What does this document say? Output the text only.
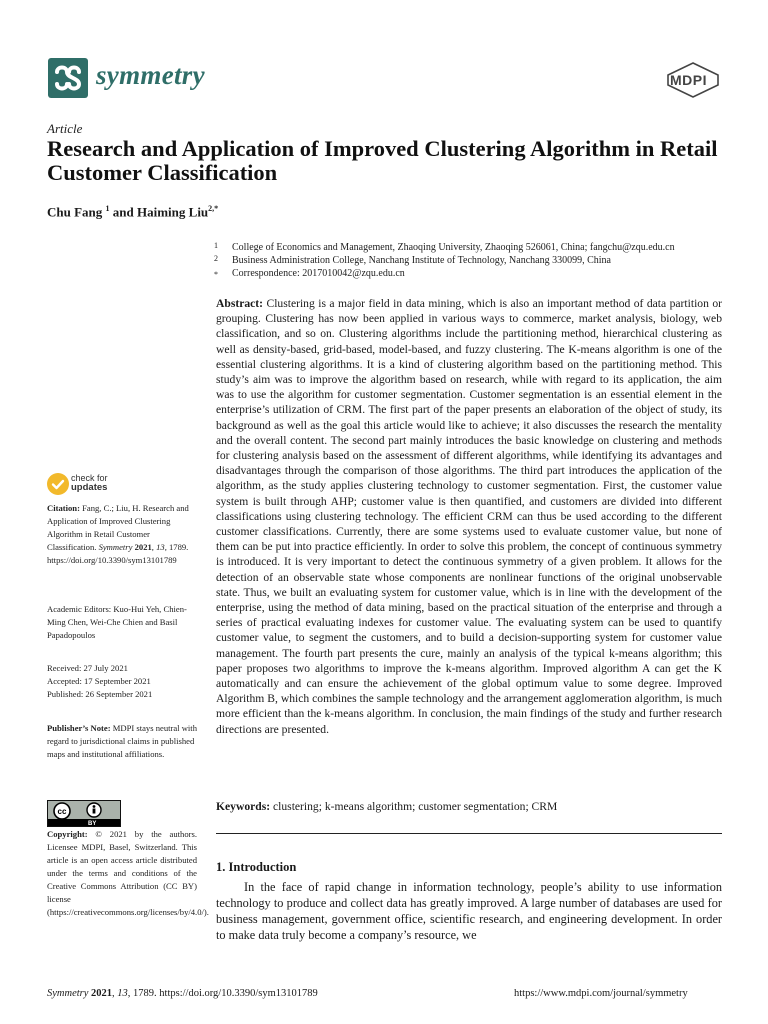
symmetry	MDPI
Article
Research and Application of Improved Clustering Algorithm in Retail Customer Classification
Chu Fang $^1$ and Haiming Liu$^{2,*}$
1 College of Economics and Management, Zhaoqing University, Zhaoqing 526061, China; fangchu@zqu.edu.cn
2 Business Administration College, Nanchang Institute of Technology, Nanchang 330099, China
* Correspondence: 2017010042@zqu.edu.cn
Abstract: Clustering is a major field in data mining, which is also an important method of data partition or grouping. Clustering has now been applied in various ways to commerce, market analysis, biology, web classification, and so on. Clustering algorithms include the partitioning method, hierarchical clustering as well as density-based, grid-based, model-based, and fuzzy clustering. The K-means algorithm is one of the essential clustering algorithms. It is a kind of clustering algorithm based on the partitioning method. This study’s aim was to improve the algorithm based on research, while with regard to its application, the aim was to use the algorithm for customer segmentation. Customer segmentation is an essential element in the enterprise’s utilization of CRM. The first part of the paper presents an elaboration of the object of study, its background as well as the goal this article would like to achieve; it also discusses the research the mentality and the overall content. The second part mainly introduces the basic knowledge on clustering and methods for clustering analysis based on the assessment of different algorithms, while identifying its advantages and disadvantages through the comparison of those algorithms. The third part introduces the application of the algorithm, as the study applies clustering technology to customer segmentation. First, the customer value system is built through AHP; customer value is then quantified, and customers are divided into different classifications using clustering technology. The efficient CRM can thus be used according to the different customer classifications. Currently, there are some systems used to evaluate customer value, but none of them can be put into practice efficiently. In order to solve this problem, the concept of continuous symmetry is introduced. It is very important to detect the continuous symmetry of a given problem. It allows for the detection of an observable state whose components are nonlinear functions of the original unobservable state. Thus, we built an evaluating system for customer value, which is in line with the development of the enterprise, using the method of data mining, based on the practical situation of the enterprise and through a series of practical evaluating indexes for customer value. The evaluating system can be used to quantify customer value, to segment the customers, and to build a decision-supporting system for customer value management. The fourth part presents the cure, mainly an analysis of the typical k-means algorithm; this paper proposes two algorithms to improve the k-means algorithm. Improved algorithm A can get the K automatically and can ensure the achievement of the global optimum value to some degree. Improved Algorithm B, which combines the sample technology and the arrangement agglomeration algorithm, is much more efficient than the k-means algorithm. In conclusion, the main findings of the study and further research directions are presented.
Keywords: clustering; k-means algorithm; customer segmentation; CRM
1. Introduction
In the face of rapid change in information technology, people’s ability to use information technology to produce and collect data has greatly improved. A large number of databases are used for business management, government office, scientific research, and engineering development. In order to make data truly become a company’s resource, we
check for
updates
Citation: Fang, C.; Liu, H. Research and Application of Improved Clustering Algorithm in Retail Customer Classification. Symmetry 2021, 13, 1789. https://doi.org/10.3390/sym13101789
Academic Editors: Kuo-Hui Yeh, Chien-Ming Chen, Wei-Che Chien and Basil Papadopoulos
Received: 27 July 2021
Accepted: 17 September 2021
Published: 26 September 2021
Publisher’s Note: MDPI stays neutral with regard to jurisdictional claims in published maps and institutional affiliations.
cc
BY
Copyright: © 2021 by the authors. Licensee MDPI, Basel, Switzerland. This article is an open access article distributed under the terms and conditions of the Creative Commons Attribution (CC BY) license (https://creativecommons.org/licenses/by/4.0/).
Symmetry 2021, 13, 1789. https://doi.org/10.3390/sym13101789	https://www.mdpi.com/journal/symmetry
